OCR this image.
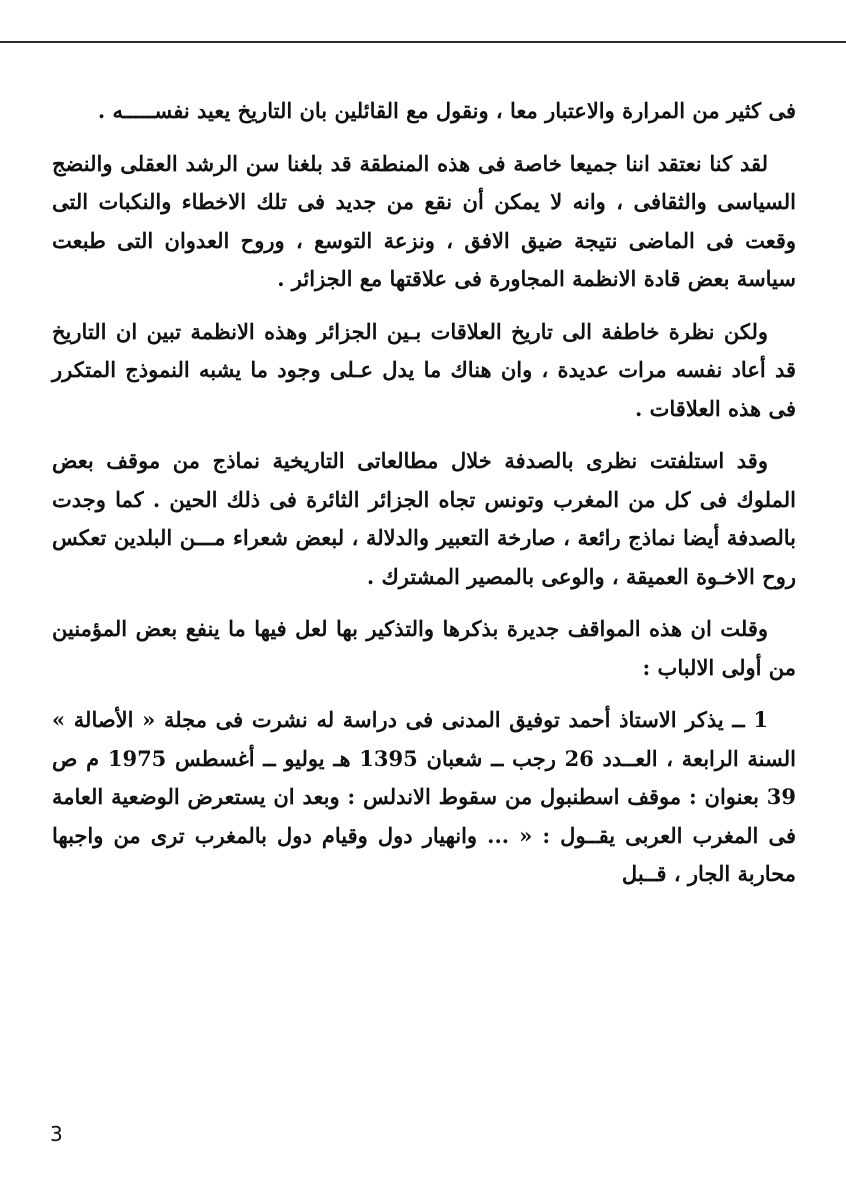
فى كثير من المرارة والاعتبار معا ، ونقول مع القائلين بان التاريخ يعيد نفســـــه .

لقد كنا نعتقد اننا جميعا خاصة فى هذه المنطقة قد بلغنا سن الرشد العقلى والنضج السياسى والثقافى ، وانه لا يمكن أن نقع من جديد فى تلك الاخطاء والنكبات التى وقعت فى الماضى نتيجة ضيق الافق ، ونزعة التوسع ، وروح العدوان التى طبعت سياسة بعض قادة الانظمة المجاورة فى علاقتها مع الجزائر .

ولكن نظرة خاطفة الى تاريخ العلاقات بـين الجزائر وهذه الانظمة تبين ان التاريخ قد أعاد نفسه مرات عديدة ، وان هناك ما يدل عـلى وجود ما يشبه النموذج المتكرر فى هذه العلاقات .

وقد استلفتت نظرى بالصدفة خلال مطالعاتى التاريخية نماذج من موقف بعض الملوك فى كل من المغرب وتونس تجاه الجزائر الثائرة فى ذلك الحين . كما وجدت بالصدفة أيضا نماذج رائعة ، صارخة التعبير والدلالة ، لبعض شعراء مـــن البلدين تعكس روح الاخـوة العميقة ، والوعى بالمصير المشترك .

وقلت ان هذه المواقف جديرة بذكرها والتذكير بها لعل فيها ما ينفع بعض المؤمنين من أولى الالباب :

1 ــ يذكر الاستاذ أحمد توفيق المدنى فى دراسة له نشرت فى مجلة « الأصالة » السنة الرابعة ، العــدد 26 رجب ــ شعبان 1395 هـ يوليو ــ أغسطس 1975 م ص 39 بعنوان : موقف اسطنبول من سقوط الاندلس : وبعد ان يستعرض الوضعية العامة فى المغرب العربى يقــول : « ... وانهيار دول وقيام دول بالمغرب ترى من واجبها محاربة الجار ، قــبل

3
